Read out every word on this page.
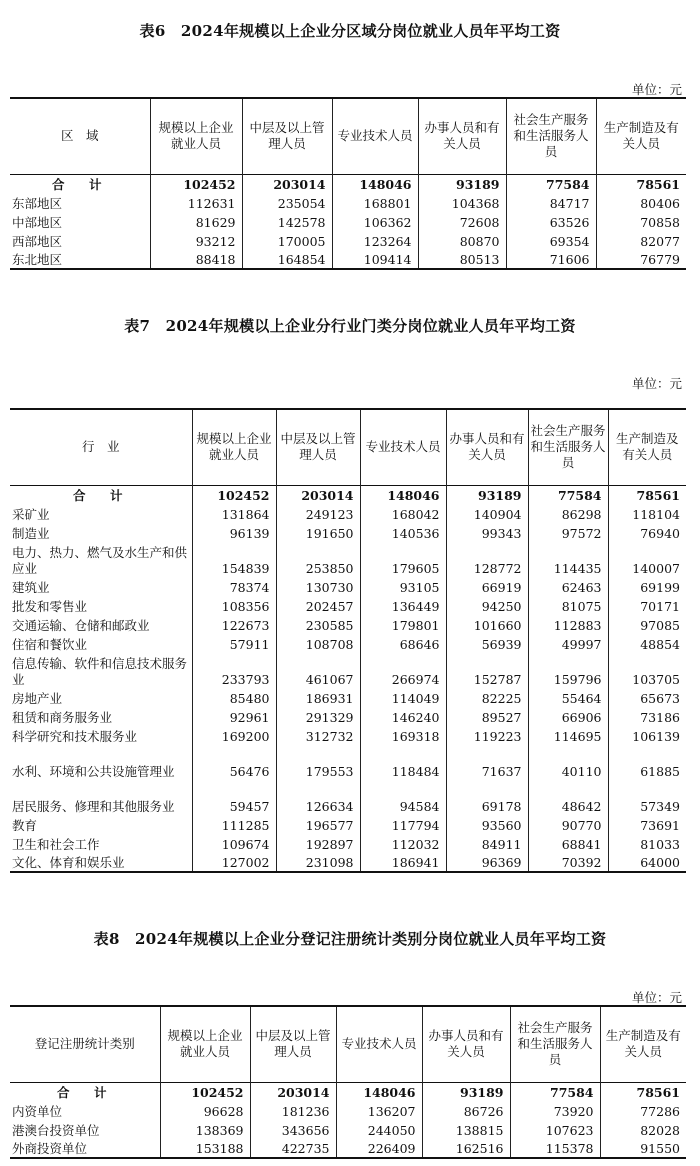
表6　2024年规模以上企业分区域分岗位就业人员年平均工资
单位：元
区　域	规模以上企业就业人员	中层及以上管理人员	专业技术人员	办事人员和有关人员	社会生产服务和生活服务人员	生产制造及有关人员
合　计	102452	203014	148046	93189	77584	78561
东部地区	112631	235054	168801	104368	84717	80406
中部地区	81629	142578	106362	72608	63526	70858
西部地区	93212	170005	123264	80870	69354	82077
东北地区	88418	164854	109414	80513	71606	76779
表7　2024年规模以上企业分行业门类分岗位就业人员年平均工资
单位：元
行　业	规模以上企业就业人员	中层及以上管理人员	专业技术人员	办事人员和有关人员	社会生产服务和生活服务人员	生产制造及有关人员
合　计	102452	203014	148046	93189	77584	78561
采矿业	131864	249123	168042	140904	86298	118104
制造业	96139	191650	140536	99343	97572	76940
电力、热力、燃气及水生产和供应业	154839	253850	179605	128772	114435	140007
建筑业	78374	130730	93105	66919	62463	69199
批发和零售业	108356	202457	136449	94250	81075	70171
交通运输、仓储和邮政业	122673	230585	179801	101660	112883	97085
住宿和餐饮业	57911	108708	68646	56939	49997	48854
信息传输、软件和信息技术服务业	233793	461067	266974	152787	159796	103705
房地产业	85480	186931	114049	82225	55464	65673
租赁和商务服务业	92961	291329	146240	89527	66906	73186
科学研究和技术服务业	169200	312732	169318	119223	114695	106139
水利、环境和公共设施管理业	56476	179553	118484	71637	40110	61885
居民服务、修理和其他服务业	59457	126634	94584	69178	48642	57349
教育	111285	196577	117794	93560	90770	73691
卫生和社会工作	109674	192897	112032	84911	68841	81033
文化、体育和娱乐业	127002	231098	186941	96369	70392	64000
表8　2024年规模以上企业分登记注册统计类别分岗位就业人员年平均工资
单位：元
登记注册统计类别	规模以上企业就业人员	中层及以上管理人员	专业技术人员	办事人员和有关人员	社会生产服务和生活服务人员	生产制造及有关人员
合　计	102452	203014	148046	93189	77584	78561
内资单位	96628	181236	136207	86726	73920	77286
港澳台投资单位	138369	343656	244050	138815	107623	82028
外商投资单位	153188	422735	226409	162516	115378	91550
